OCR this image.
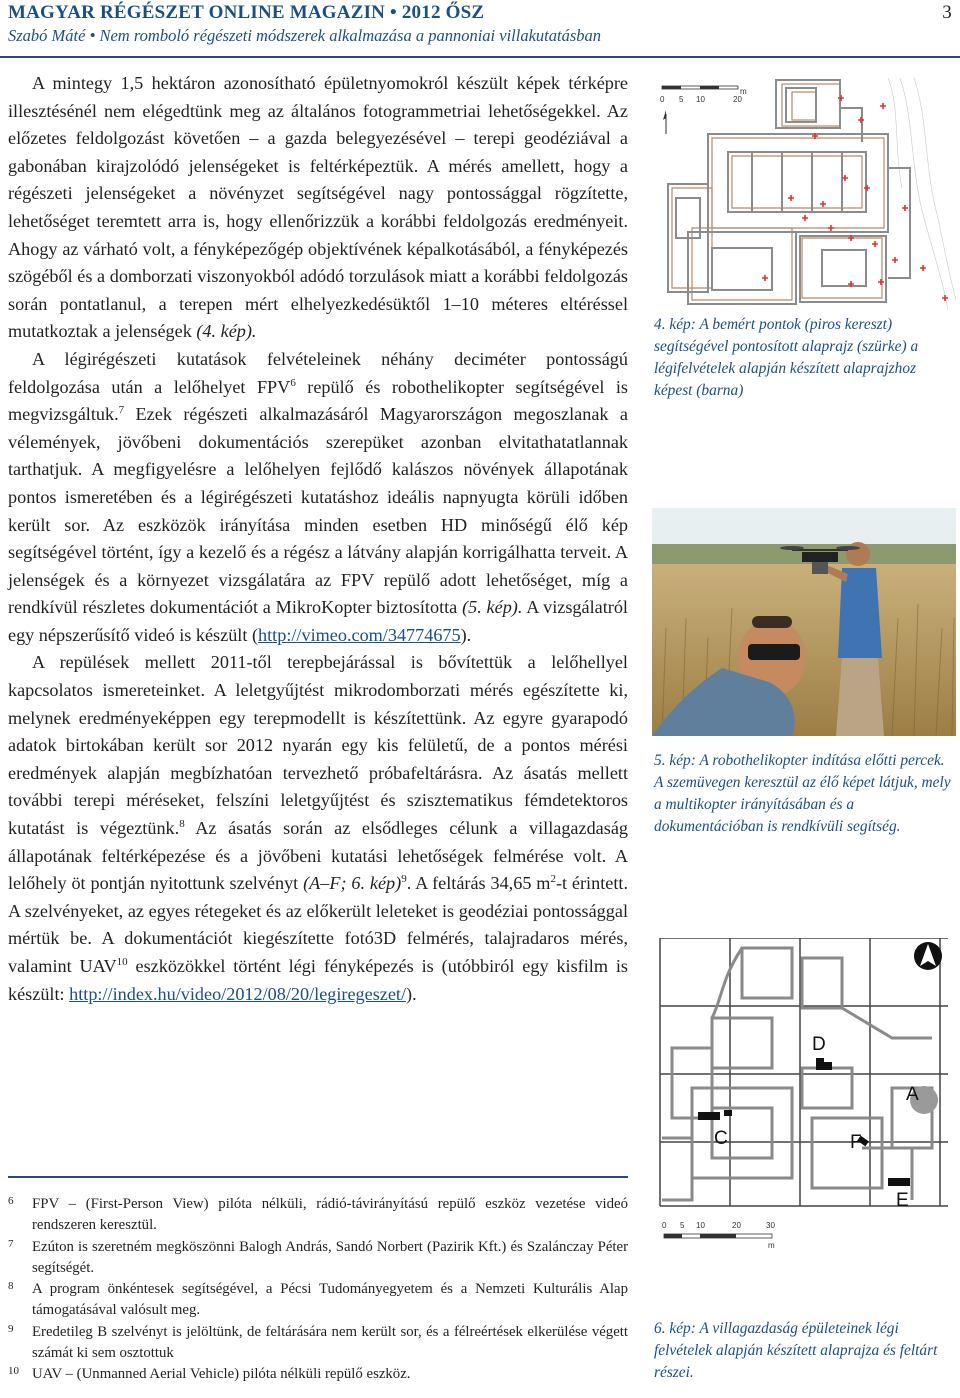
MAGYAR RÉGÉSZET ONLINE MAGAZIN • 2012 ŐSZ	3
Szabó Máté • Nem romboló régészeti módszerek alkalmazása a pannoniai villakutatásban

A mintegy 1,5 hektáron azonosítható épületnyomokról készült képek térképre illesztésénél nem elégedtünk meg az általános fotogrammetriai lehetőségekkel. Az előzetes feldolgozást követően – a gazda belegyezésével – terepi geodéziával a gabonában kirajzolódó jelenségeket is feltérképeztük. A mérés amellett, hogy a régészeti jelenségeket a növényzet segítségével nagy pontossággal rögzítette, lehetőséget teremtett arra is, hogy ellenőrizzük a korábbi feldolgozás eredményeit. Ahogy az várható volt, a fényképezőgép objektívének képalkotásából, a fényképezés szögéből és a domborzati viszonyokból adódó torzulások miatt a korábbi feldolgozás során pontatlanul, a terepen mért elhelyezkedésüktől 1–10 méteres eltéréssel mutatkoztak a jelenségek (4. kép).

A légirégészeti kutatások felvételeinek néhány deciméter pontosságú feldolgozása után a lelőhelyet FPV$^6$ repülő és robothelikopter segítségével is megvizsgáltuk.$^7$ Ezek régészeti alkalmazásáról Magyarországon megoszlanak a vélemények, jövőbeni dokumentációs szerepüket azonban elvitathatatlannak tarthatjuk. A megfigyelésre a lelőhelyen fejlődő kalászos növények állapotának pontos ismeretében és a légirégészeti kutatáshoz ideális napnyugta körüli időben került sor. Az eszközök irányítása minden esetben HD minőségű élő kép segítségével történt, így a kezelő és a régész a látvány alapján korrigálhatta terveit. A jelenségek és a környezet vizsgálatára az FPV repülő adott lehetőséget, míg a rendkívül részletes dokumentációt a MikroKopter biztosította (5. kép). A vizsgálatról egy népszerűsítő videó is készült (http://vimeo.com/34774675).

A repülések mellett 2011-től terepbejárással is bővítettük a lelőhellyel kapcsolatos ismereteinket. A leletgyűjtést mikrodomborzati mérés egészítette ki, melynek eredményeképpen egy terepmodellt is készítettünk. Az egyre gyarapodó adatok birtokában került sor 2012 nyarán egy kis felületű, de a pontos mérési eredmények alapján megbízhatóan tervezhető próbafeltárásra. Az ásatás mellett további terepi méréseket, felszíni leletgyűjtést és szisztematikus fémdetektoros kutatást is végeztünk.$^8$ Az ásatás során az elsődleges célunk a villagazdaság állapotának feltérképezése és a jövőbeni kutatási lehetőségek felmérése volt. A lelőhely öt pontján nyitottunk szelvényt (A–F; 6. kép)$^9$. A feltárás 34,65 $m^2-t$ érintett. A szelvényeket, az egyes rétegeket és az előkerült leleteket is geodéziai pontossággal mértük be. A dokumentációt kiegészítette fotó3D felmérés, talajradaros mérés, valamint UAV$^{10}$ eszközökkel történt légi fényképezés is (utóbbiról egy kisfilm is készült: http://index.hu/video/2012/08/20/legiregeszet/).

6	FPV – (First-Person View) pilóta nélküli, rádió-távirányítású repülő eszköz vezetése videó rendszeren keresztül.
7	Ezúton is szeretném megköszönni Balogh András, Sandó Norbert (Pazirik Kft.) és Szalánczay Péter segítségét.
8	A program önkéntesek segítségével, a Pécsi Tudományegyetem és a Nemzeti Kulturális Alap támogatásával valósult meg.
9	Eredetileg B szelvényt is jelöltünk, de feltárására nem került sor, és a félreértések elkerülése végett számát ki sem osztottuk
10 UAV – (Unmanned Aerial Vehicle) pilóta nélküli repülő eszköz.
0 5 10	20
m
4. kép: A bemért pontok (piros kereszt) segítségével pontosított alaprajz (szürke) a légifelvételek alapján készített alaprajzhoz képest (barna)
5. kép: A robothelikopter indítása előtti percek. A szemüvegen keresztül az élő képet látjuk, mely a multikopter irányításában és a dokumentációban is rendkívüli segítség.
D
A
C	F
E
0 5 10	20	30
m
6. kép: A villagazdaság épületeinek légi felvételek alapján készített alaprajza és feltárt részei.
